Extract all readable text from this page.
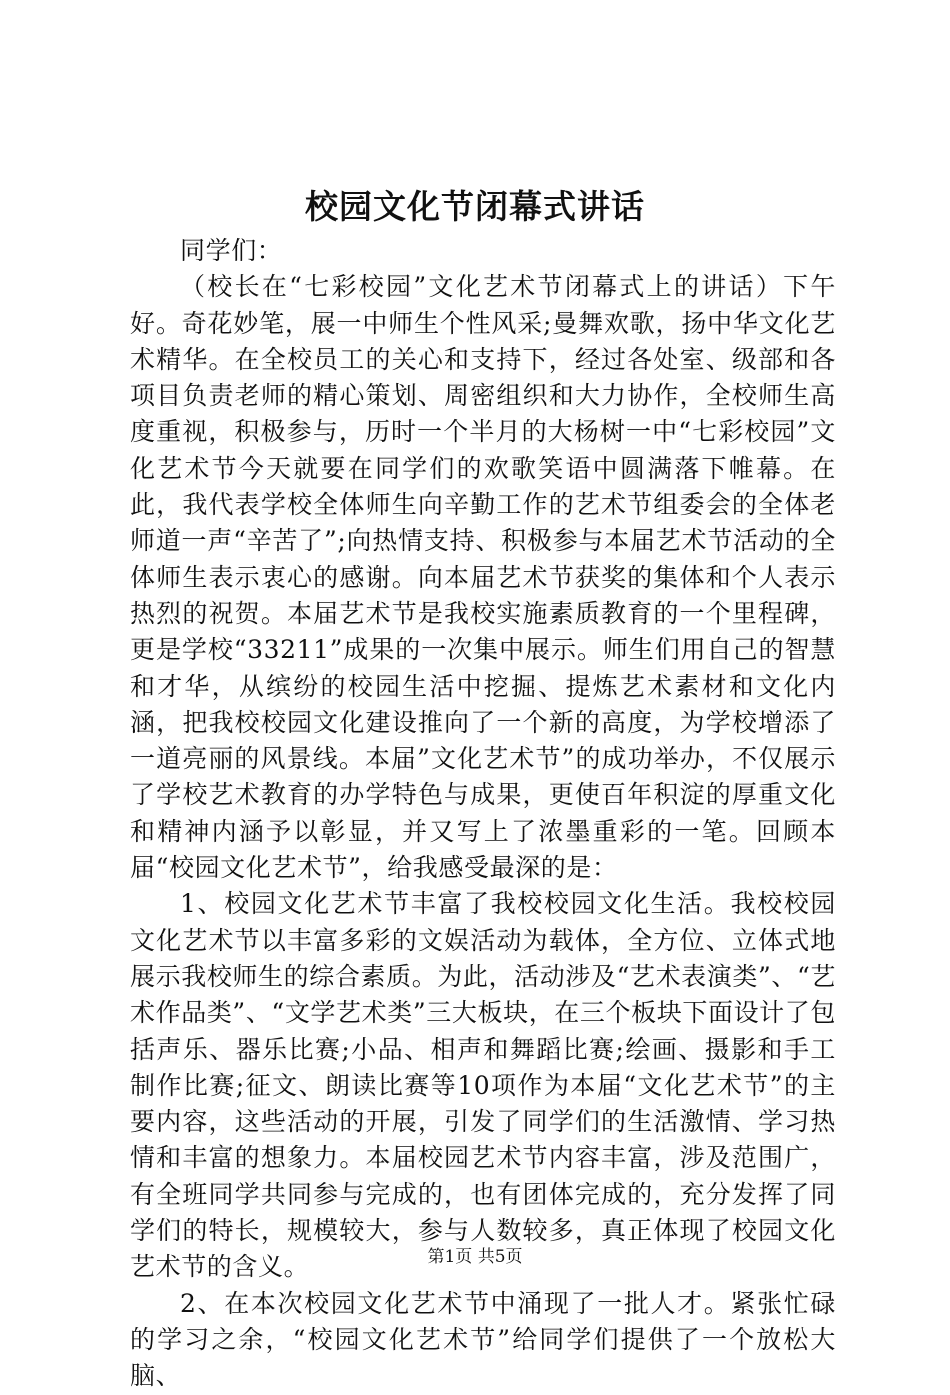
校园文化节闭幕式讲话

同学们：

（校长在“七彩校园”文化艺术节闭幕式上的讲话）下午好。奇花妙笔，展一中师生个性风采;曼舞欢歌，扬中华文化艺术精华。在全校员工的关心和支持下，经过各处室、级部和各项目负责老师的精心策划、周密组织和大力协作，全校师生高度重视，积极参与，历时一个半月的大杨树一中“七彩校园”文化艺术节今天就要在同学们的欢歌笑语中圆满落下帷幕。在此，我代表学校全体师生向辛勤工作的艺术节组委会的全体老师道一声“辛苦了”;向热情支持、积极参与本届艺术节活动的全体师生表示衷心的感谢。向本届艺术节获奖的集体和个人表示热烈的祝贺。本届艺术节是我校实施素质教育的一个里程碑，更是学校“33211”成果的一次集中展示。师生们用自己的智慧和才华，从缤纷的校园生活中挖掘、提炼艺术素材和文化内涵，把我校校园文化建设推向了一个新的高度，为学校增添了一道亮丽的风景线。本届”文化艺术节”的成功举办，不仅展示了学校艺术教育的办学特色与成果，更使百年积淀的厚重文化和精神内涵予以彰显，并又写上了浓墨重彩的一笔。回顾本届“校园文化艺术节”，给我感受最深的是：

1、校园文化艺术节丰富了我校校园文化生活。我校校园文化艺术节以丰富多彩的文娱活动为载体，全方位、立体式地展示我校师生的综合素质。为此，活动涉及“艺术表演类”、“艺术作品类”、“文学艺术类”三大板块，在三个板块下面设计了包括声乐、器乐比赛;小品、相声和舞蹈比赛;绘画、摄影和手工制作比赛;征文、朗读比赛等10项作为本届“文化艺术节”的主要内容，这些活动的开展，引发了同学们的生活激情、学习热情和丰富的想象力。本届校园艺术节内容丰富，涉及范围广，有全班同学共同参与完成的，也有团体完成的，充分发挥了同学们的特长，规模较大，参与人数较多，真正体现了校园文化艺术节的含义。

2、在本次校园文化艺术节中涌现了一批人才。紧张忙碌的学习之余，“校园文化艺术节”给同学们提供了一个放松大脑、

第1页 共5页
